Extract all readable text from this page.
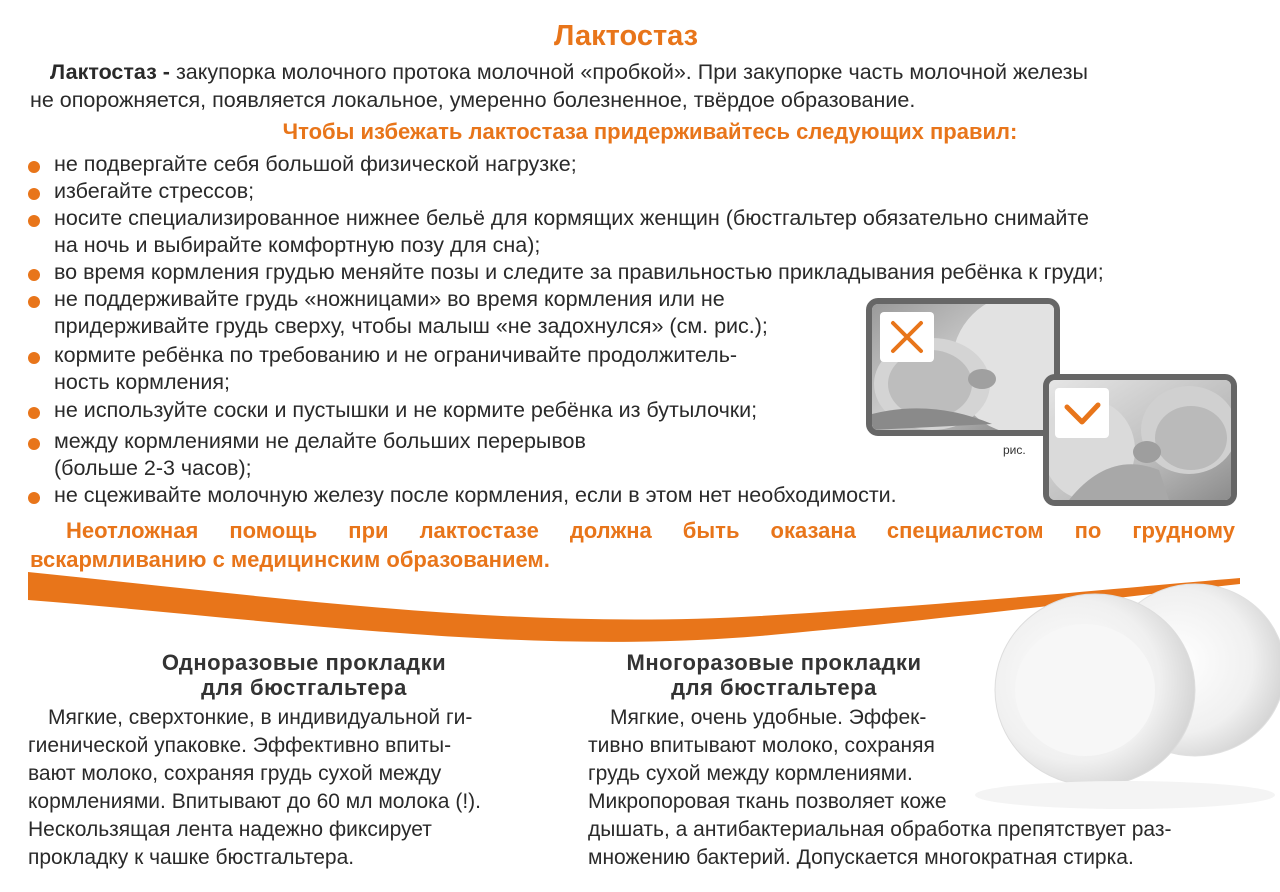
Лактостаз
Лактостаз - закупорка молочного протока молочной «пробкой». При закупорке часть молочной железы
не опорожняется, появляется локальное, умеренно болезненное, твёрдое образование.
Чтобы избежать лактостаза придерживайтесь следующих правил:
не подвергайте себя большой физической нагрузке;
избегайте стрессов;
носите специализированное нижнее бельё для кормящих женщин (бюстгальтер обязательно снимайте
на ночь и выбирайте комфортную позу для сна);
во время кормления грудью меняйте позы и следите за правильностью прикладывания ребёнка к груди;
не поддерживайте грудь «ножницами» во время кормления или не
придерживайте грудь сверху, чтобы малыш «не задохнулся» (см. рис.);
кормите ребёнка по требованию и не ограничивайте продолжитель-
ность кормления;
не используйте соски и пустышки и не кормите ребёнка из бутылочки;
между кормлениями не делайте больших перерывов
(больше 2-3 часов);
не сцеживайте молочную железу после кормления, если в этом нет необходимости.
рис.
Неотложная помощь при лактостазе должна быть оказана специалистом по грудному
вскармливанию с медицинским образованием.
Одноразовые прокладки
для бюстгальтера
Мягкие, сверхтонкие, в индивидуальной ги-
гиенической упаковке. Эффективно впиты-
вают молоко, сохраняя грудь сухой между
кормлениями. Впитывают до 60 мл молока (!).
Нескользящая лента надежно фиксирует
прокладку к чашке бюстгальтера.
Многоразовые прокладки
для бюстгальтера
Мягкие, очень удобные. Эффек-
тивно впитывают молоко, сохраняя
грудь сухой между кормлениями.
Микропоровая ткань позволяет коже
дышать, а антибактериальная обработка препятствует раз-
множению бактерий. Допускается многократная стирка.
